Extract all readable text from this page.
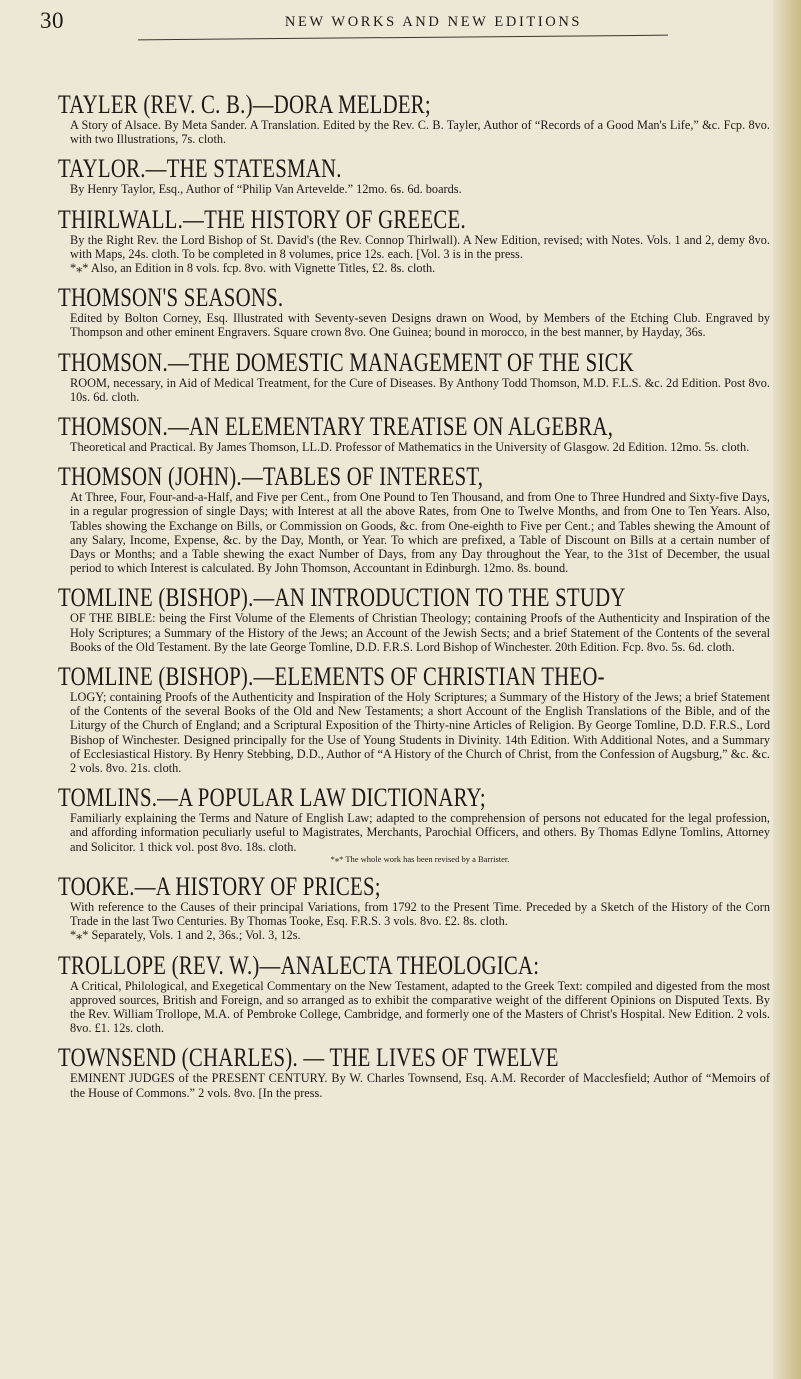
30	NEW WORKS AND NEW EDITIONS
TAYLER (REV. C. B.)—DORA MELDER;

A Story of Alsace. By Meta Sander. A Translation. Edited by the Rev. C. B. Tayler, Author of “Records of a Good Man's Life,” &c. Fcp. 8vo. with two Illustrations, 7s. cloth.

TAYLOR.—THE STATESMAN.

By Henry Taylor, Esq., Author of “Philip Van Artevelde.” 12mo. 6s. 6d. boards.

THIRLWALL.—THE HISTORY OF GREECE.

By the Right Rev. the Lord Bishop of St. David's (the Rev. Connop Thirlwall). A New Edition, revised; with Notes. Vols. 1 and 2, demy 8vo. with Maps, 24s. cloth. To be completed in 8 volumes, price 12s. each. [Vol. 3 is in the press.

*⁎* Also, an Edition in 8 vols. fcp. 8vo. with Vignette Titles, £2. 8s. cloth.

THOMSON'S SEASONS.

Edited by Bolton Corney, Esq. Illustrated with Seventy-seven Designs drawn on Wood, by Members of the Etching Club. Engraved by Thompson and other eminent Engravers. Square crown 8vo. One Guinea; bound in morocco, in the best manner, by Hayday, 36s.

THOMSON.—THE DOMESTIC MANAGEMENT OF THE SICK

ROOM, necessary, in Aid of Medical Treatment, for the Cure of Diseases. By Anthony Todd Thomson, M.D. F.L.S. &c. 2d Edition. Post 8vo. 10s. 6d. cloth.

THOMSON.—AN ELEMENTARY TREATISE ON ALGEBRA,

Theoretical and Practical. By James Thomson, LL.D. Professor of Mathematics in the University of Glasgow. 2d Edition. 12mo. 5s. cloth.

THOMSON (JOHN).—TABLES OF INTEREST,

At Three, Four, Four-and-a-Half, and Five per Cent., from One Pound to Ten Thousand, and from One to Three Hundred and Sixty-five Days, in a regular progression of single Days; with Interest at all the above Rates, from One to Twelve Months, and from One to Ten Years. Also, Tables showing the Exchange on Bills, or Commission on Goods, &c. from One-eighth to Five per Cent.; and Tables shewing the Amount of any Salary, Income, Expense, &c. by the Day, Month, or Year. To which are prefixed, a Table of Discount on Bills at a certain number of Days or Months; and a Table shewing the exact Number of Days, from any Day throughout the Year, to the 31st of December, the usual period to which Interest is calculated. By John Thomson, Accountant in Edinburgh. 12mo. 8s. bound.

TOMLINE (BISHOP).—AN INTRODUCTION TO THE STUDY

OF THE BIBLE: being the First Volume of the Elements of Christian Theology; containing Proofs of the Authenticity and Inspiration of the Holy Scriptures; a Summary of the History of the Jews; an Account of the Jewish Sects; and a brief Statement of the Contents of the several Books of the Old Testament. By the late George Tomline, D.D. F.R.S. Lord Bishop of Winchester. 20th Edition. Fcp. 8vo. 5s. 6d. cloth.

TOMLINE (BISHOP).—ELEMENTS OF CHRISTIAN THEO-

LOGY; containing Proofs of the Authenticity and Inspiration of the Holy Scriptures; a Summary of the History of the Jews; a brief Statement of the Contents of the several Books of the Old and New Testaments; a short Account of the English Translations of the Bible, and of the Liturgy of the Church of England; and a Scriptural Exposition of the Thirty-nine Articles of Religion. By George Tomline, D.D. F.R.S., Lord Bishop of Winchester. Designed principally for the Use of Young Students in Divinity. 14th Edition. With Additional Notes, and a Summary of Ecclesiastical History. By Henry Stebbing, D.D., Author of “A History of the Church of Christ, from the Confession of Augsburg,” &c. &c. 2 vols. 8vo. 21s. cloth.

TOMLINS.—A POPULAR LAW DICTIONARY;

Familiarly explaining the Terms and Nature of English Law; adapted to the comprehension of persons not educated for the legal profession, and affording information peculiarly useful to Magistrates, Merchants, Parochial Officers, and others. By Thomas Edlyne Tomlins, Attorney and Solicitor. 1 thick vol. post 8vo. 18s. cloth.

*⁎* The whole work has been revised by a Barrister.
TOOKE.—A HISTORY OF PRICES;

With reference to the Causes of their principal Variations, from 1792 to the Present Time. Preceded by a Sketch of the History of the Corn Trade in the last Two Centuries. By Thomas Tooke, Esq. F.R.S. 3 vols. 8vo. £2. 8s. cloth.

*⁎* Separately, Vols. 1 and 2, 36s.; Vol. 3, 12s.

TROLLOPE (REV. W.)—ANALECTA THEOLOGICA:

A Critical, Philological, and Exegetical Commentary on the New Testament, adapted to the Greek Text: compiled and digested from the most approved sources, British and Foreign, and so arranged as to exhibit the comparative weight of the different Opinions on Disputed Texts. By the Rev. William Trollope, M.A. of Pembroke College, Cambridge, and formerly one of the Masters of Christ's Hospital. New Edition. 2 vols. 8vo. £1. 12s. cloth.

TOWNSEND (CHARLES). — THE LIVES OF TWELVE

EMINENT JUDGES of the PRESENT CENTURY. By W. Charles Townsend, Esq. A.M. Recorder of Macclesfield; Author of “Memoirs of the House of Commons.” 2 vols. 8vo. [In the press.
